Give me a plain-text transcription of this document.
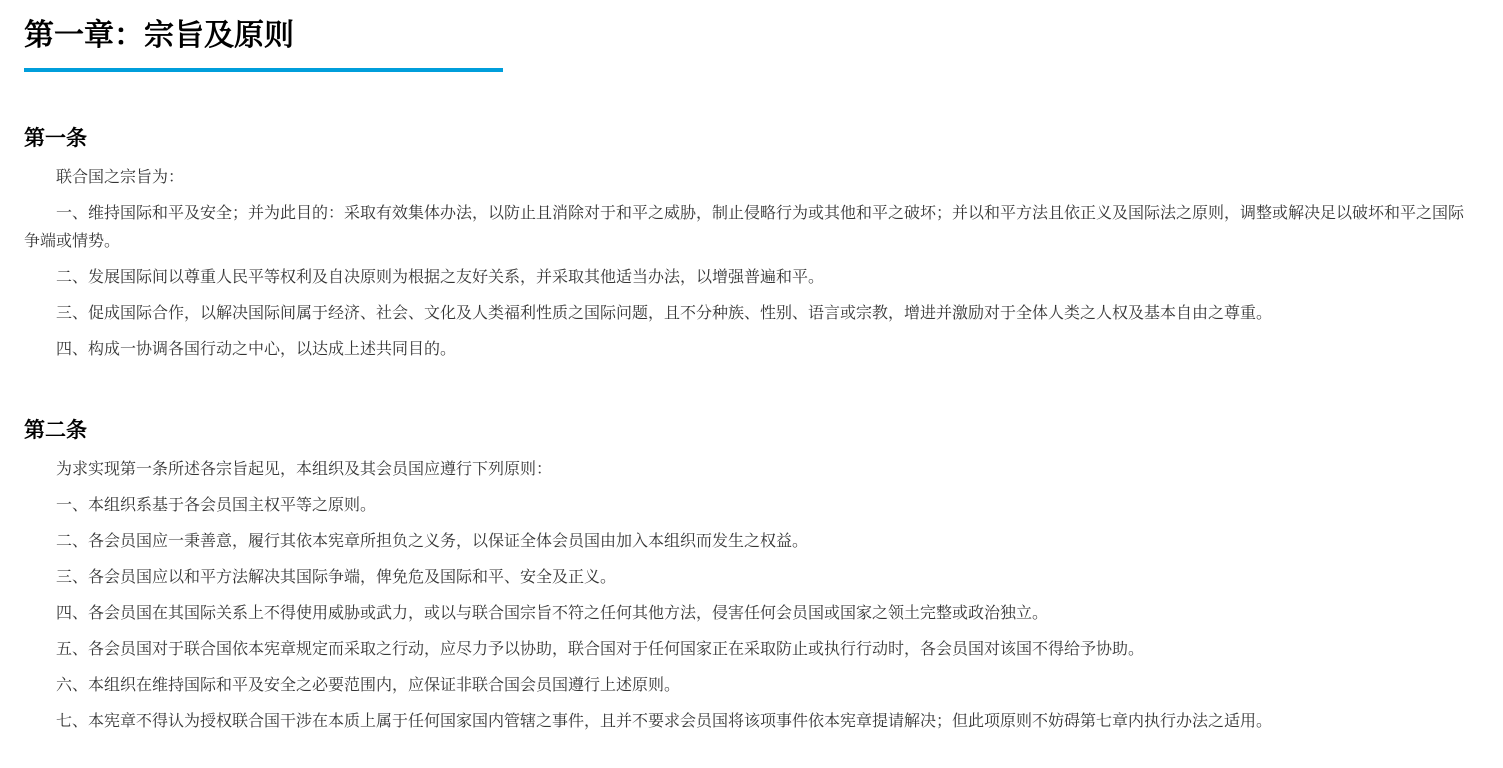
第一章：宗旨及原则
第一条

联合国之宗旨为：

一、维持国际和平及安全；并为此目的：采取有效集体办法，以防止且消除对于和平之威胁，制止侵略行为或其他和平之破坏；并以和平方法且依正义及国际法之原则，调整或解决足以破坏和平之国际争端或情势。

二、发展国际间以尊重人民平等权利及自决原则为根据之友好关系，并采取其他适当办法，以增强普遍和平。

三、促成国际合作，以解决国际间属于经济、社会、文化及人类福利性质之国际问题，且不分种族、性别、语言或宗教，增进并激励对于全体人类之人权及基本自由之尊重。

四、构成一协调各国行动之中心，以达成上述共同目的。

第二条

为求实现第一条所述各宗旨起见，本组织及其会员国应遵行下列原则：

一、本组织系基于各会员国主权平等之原则。

二、各会员国应一秉善意，履行其依本宪章所担负之义务，以保证全体会员国由加入本组织而发生之权益。

三、各会员国应以和平方法解决其国际争端，俾免危及国际和平、安全及正义。

四、各会员国在其国际关系上不得使用威胁或武力，或以与联合国宗旨不符之任何其他方法，侵害任何会员国或国家之领土完整或政治独立。

五、各会员国对于联合国依本宪章规定而采取之行动，应尽力予以协助，联合国对于任何国家正在采取防止或执行行动时，各会员国对该国不得给予协助。

六、本组织在维持国际和平及安全之必要范围内，应保证非联合国会员国遵行上述原则。

七、本宪章不得认为授权联合国干涉在本质上属于任何国家国内管辖之事件，且并不要求会员国将该项事件依本宪章提请解决；但此项原则不妨碍第七章内执行办法之适用。
